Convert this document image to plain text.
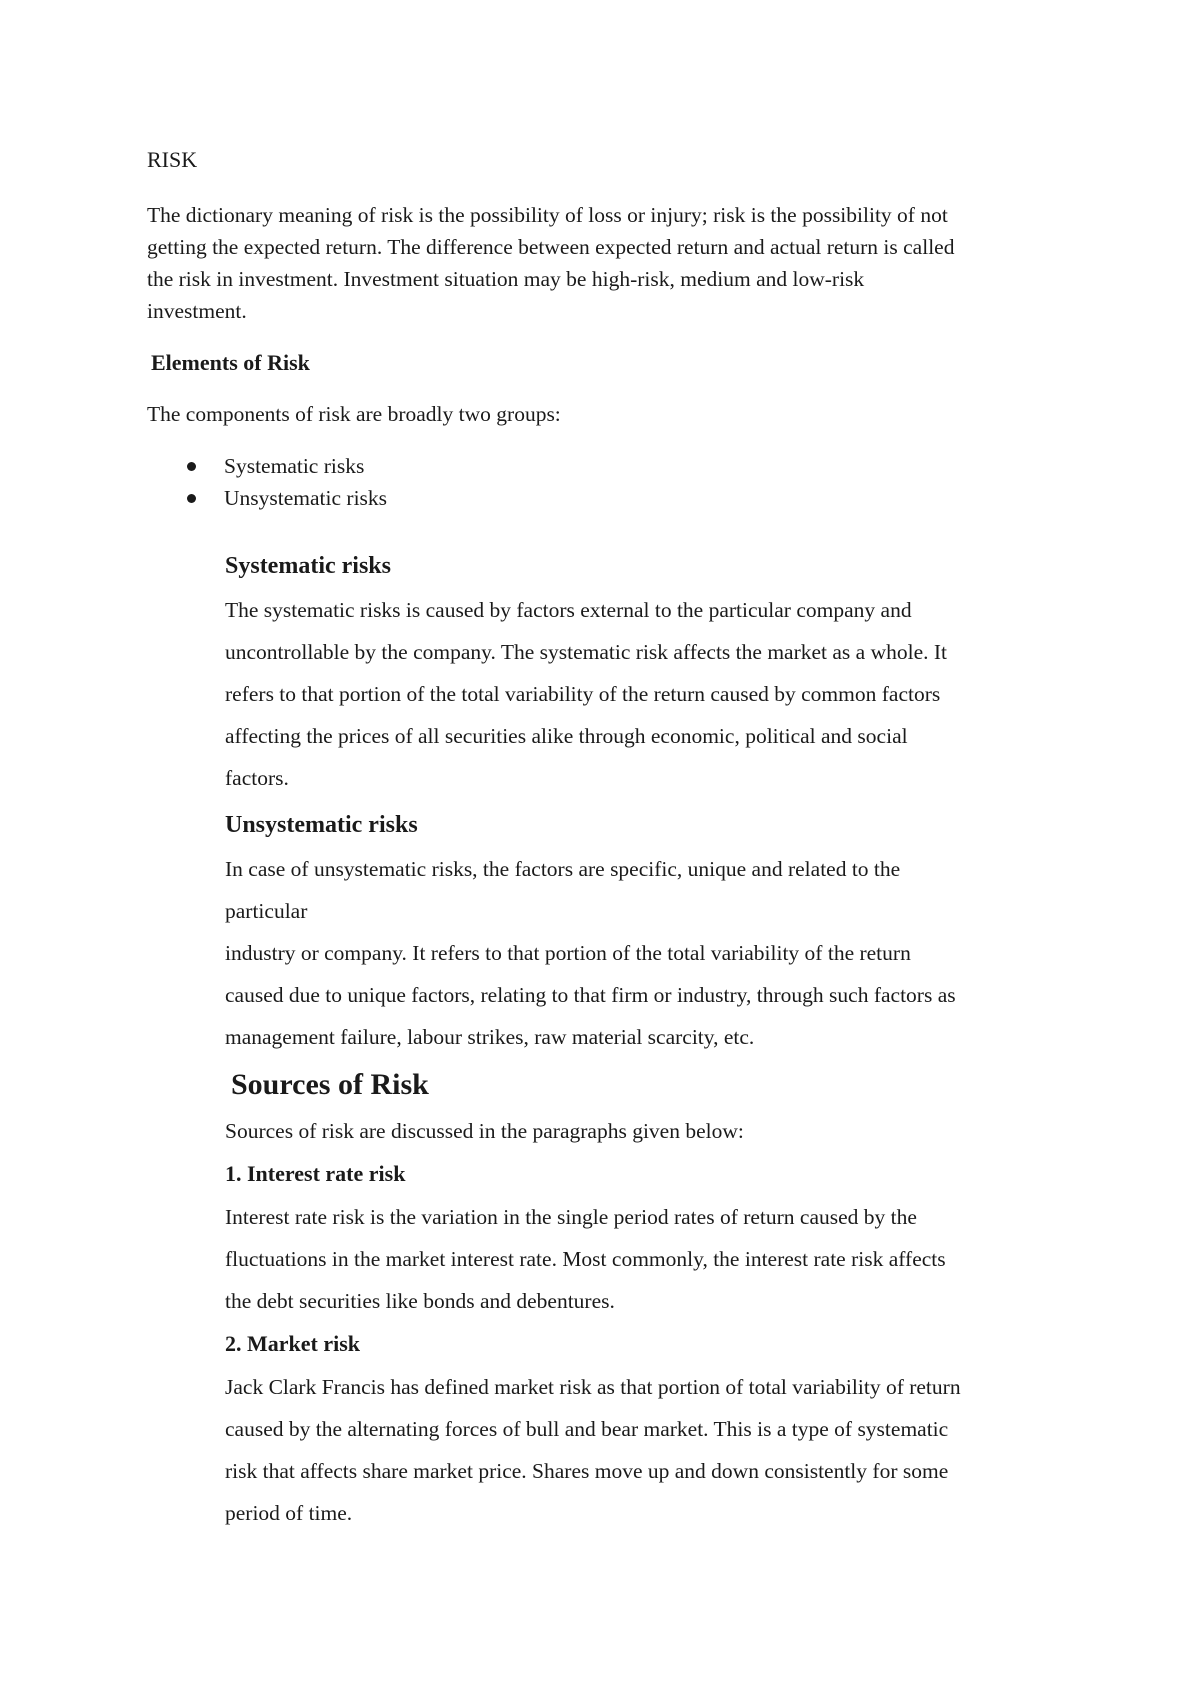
RISK

The dictionary meaning of risk is the possibility of loss or injury; risk is the possibility of not
getting the expected return. The difference between expected return and actual return is called
the risk in investment. Investment situation may be high-risk, medium and low-risk
investment.

Elements of Risk

The components of risk are broadly two groups:

Systematic risks
Unsystematic risks
Systematic risks

The systematic risks is caused by factors external to the particular company and
uncontrollable by the company. The systematic risk affects the market as a whole. It
refers to that portion of the total variability of the return caused by common factors
affecting the prices of all securities alike through economic, political and social
factors.

Unsystematic risks

In case of unsystematic risks, the factors are specific, unique and related to the
particular
industry or company. It refers to that portion of the total variability of the return
caused due to unique factors, relating to that firm or industry, through such factors as
management failure, labour strikes, raw material scarcity, etc.

Sources of Risk

Sources of risk are discussed in the paragraphs given below:

1. Interest rate risk

Interest rate risk is the variation in the single period rates of return caused by the
fluctuations in the market interest rate. Most commonly, the interest rate risk affects
the debt securities like bonds and debentures.

2. Market risk

Jack Clark Francis has defined market risk as that portion of total variability of return
caused by the alternating forces of bull and bear market. This is a type of systematic
risk that affects share market price. Shares move up and down consistently for some
period of time.
